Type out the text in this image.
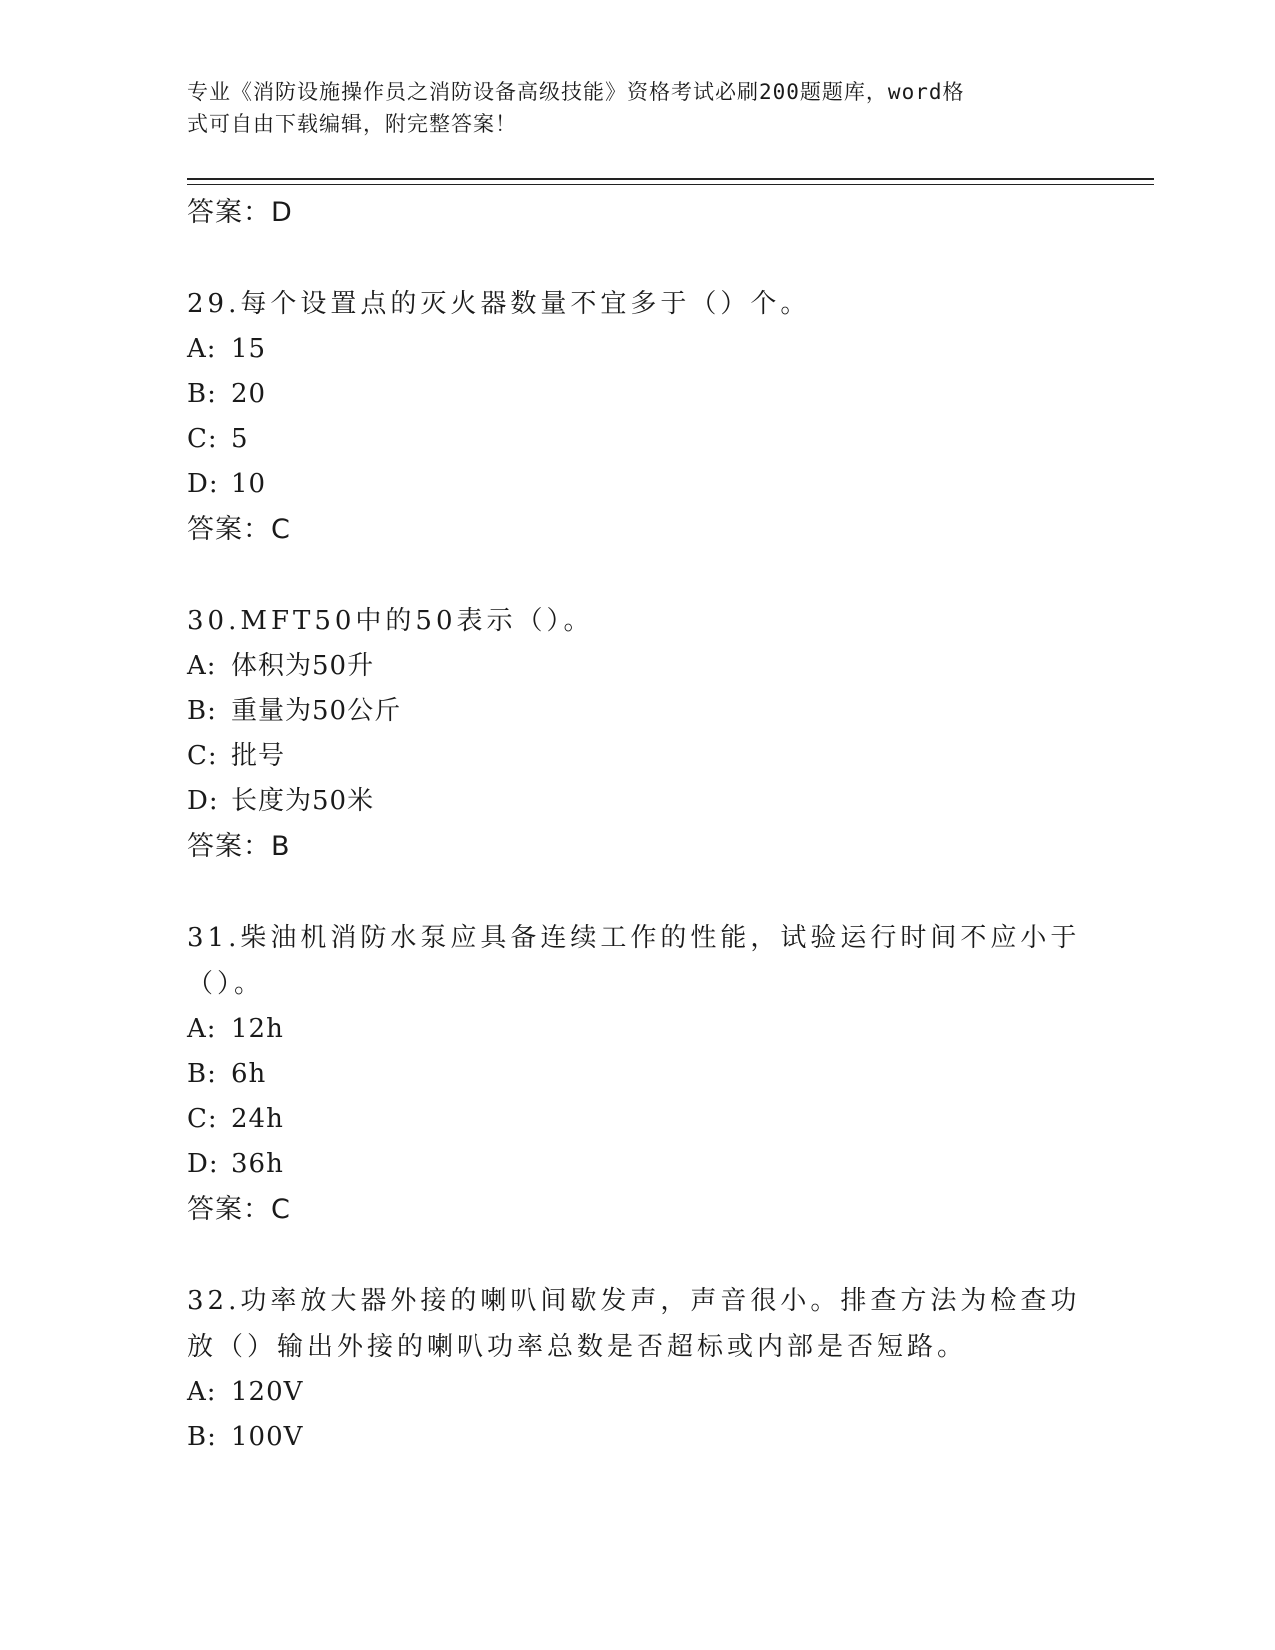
专业《消防设施操作员之消防设备高级技能》资格考试必刷200题题库，word格
式可自由下载编辑，附完整答案！
答案：D
29.每个设置点的灭火器数量不宜多于（）个。
A: 15
B: 20
C: 5
D: 10
答案：C
30.MFT50中的50表示（）。
A: 体积为50升
B: 重量为50公斤
C: 批号
D: 长度为50米
答案：B
31.柴油机消防水泵应具备连续工作的性能，试验运行时间不应小于（）。
A: 12h
B: 6h
C: 24h
D: 36h
答案：C
32.功率放大器外接的喇叭间歇发声，声音很小。排查方法为检查功放（）输出外接的喇叭功率总数是否超标或内部是否短路。
A: 120V
B: 100V
